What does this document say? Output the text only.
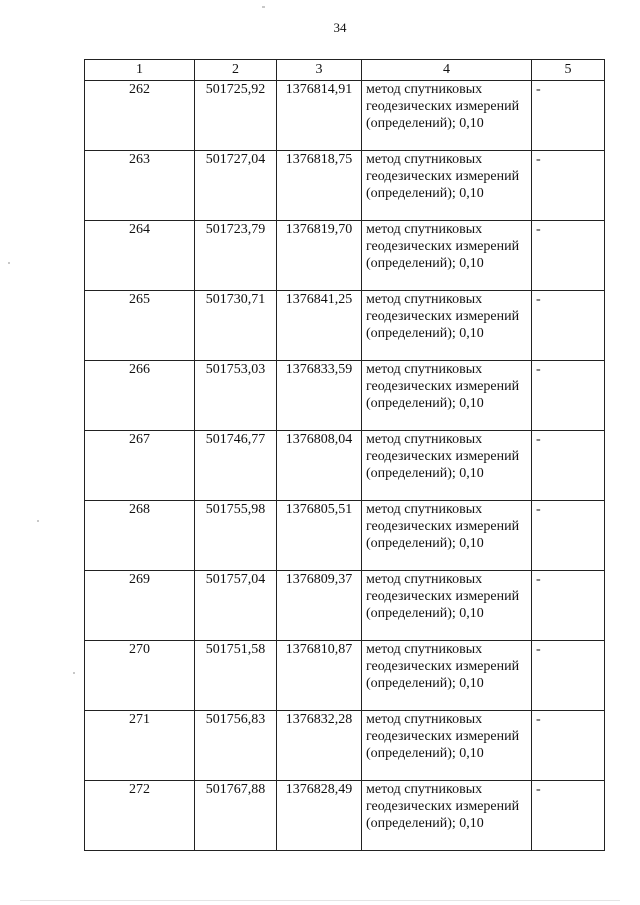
34
1	2	3	4	5
262	501725,92	1376814,91	метод спутниковых геодезических измерений (определений); 0,10	-
263	501727,04	1376818,75	метод спутниковых геодезических измерений (определений); 0,10	-
264	501723,79	1376819,70	метод спутниковых геодезических измерений (определений); 0,10	-
265	501730,71	1376841,25	метод спутниковых геодезических измерений (определений); 0,10	-
266	501753,03	1376833,59	метод спутниковых геодезических измерений (определений); 0,10	-
267	501746,77	1376808,04	метод спутниковых геодезических измерений (определений); 0,10	-
268	501755,98	1376805,51	метод спутниковых геодезических измерений (определений); 0,10	-
269	501757,04	1376809,37	метод спутниковых геодезических измерений (определений); 0,10	-
270	501751,58	1376810,87	метод спутниковых геодезических измерений (определений); 0,10	-
271	501756,83	1376832,28	метод спутниковых геодезических измерений (определений); 0,10	-
272	501767,88	1376828,49	метод спутниковых геодезических измерений (определений); 0,10	-
